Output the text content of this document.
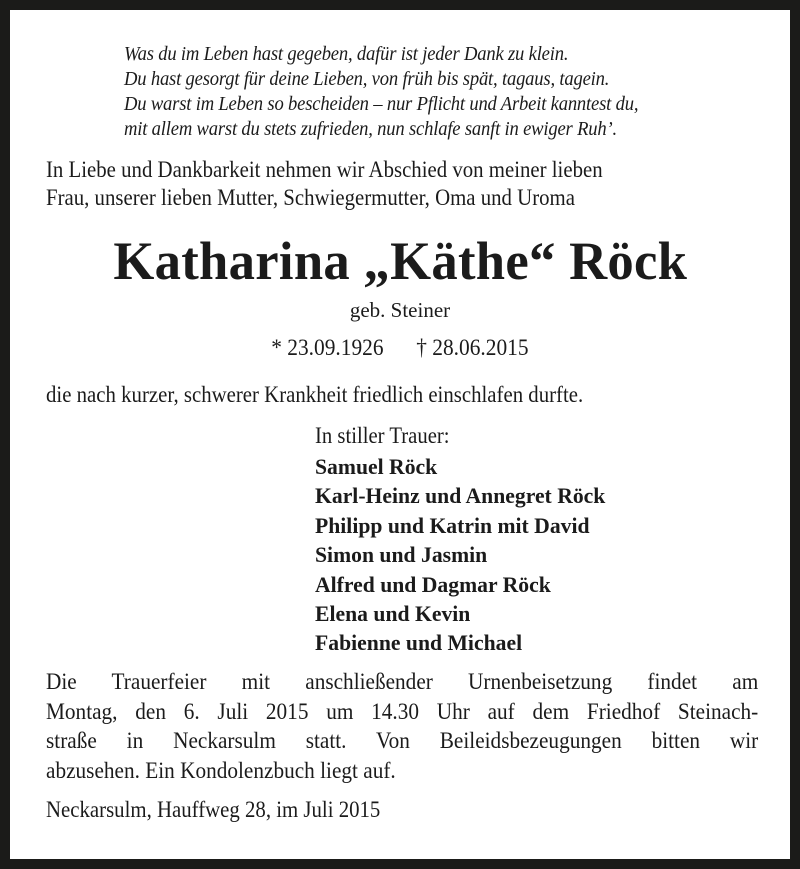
Was du im Leben hast gegeben, dafür ist jeder Dank zu klein.
Du hast gesorgt für deine Lieben, von früh bis spät, tagaus, tagein.
Du warst im Leben so bescheiden – nur Pflicht und Arbeit kanntest du,
mit allem warst du stets zufrieden, nun schlafe sanft in ewiger Ruh’.
In Liebe und Dankbarkeit nehmen wir Abschied von meiner lieben
Frau, unserer lieben Mutter, Schwiegermutter, Oma und Uroma
Katharina „Käthe“ Röck
geb. Steiner
* 23.09.1926 † 28.06.2015
die nach kurzer, schwerer Krankheit friedlich einschlafen durfte.
In stiller Trauer:
Samuel Röck
Karl-Heinz und Annegret Röck
Philipp und Katrin mit David
Simon und Jasmin
Alfred und Dagmar Röck
Elena und Kevin
Fabienne und Michael
Die Trauerfeier mit anschließender Urnenbeisetzung findet am
Montag, den 6. Juli 2015 um 14.30 Uhr auf dem Friedhof Steinach-
straße in Neckarsulm statt. Von Beileidsbezeugungen bitten wir
abzusehen. Ein Kondolenzbuch liegt auf.
Neckarsulm, Hauffweg 28, im Juli 2015
